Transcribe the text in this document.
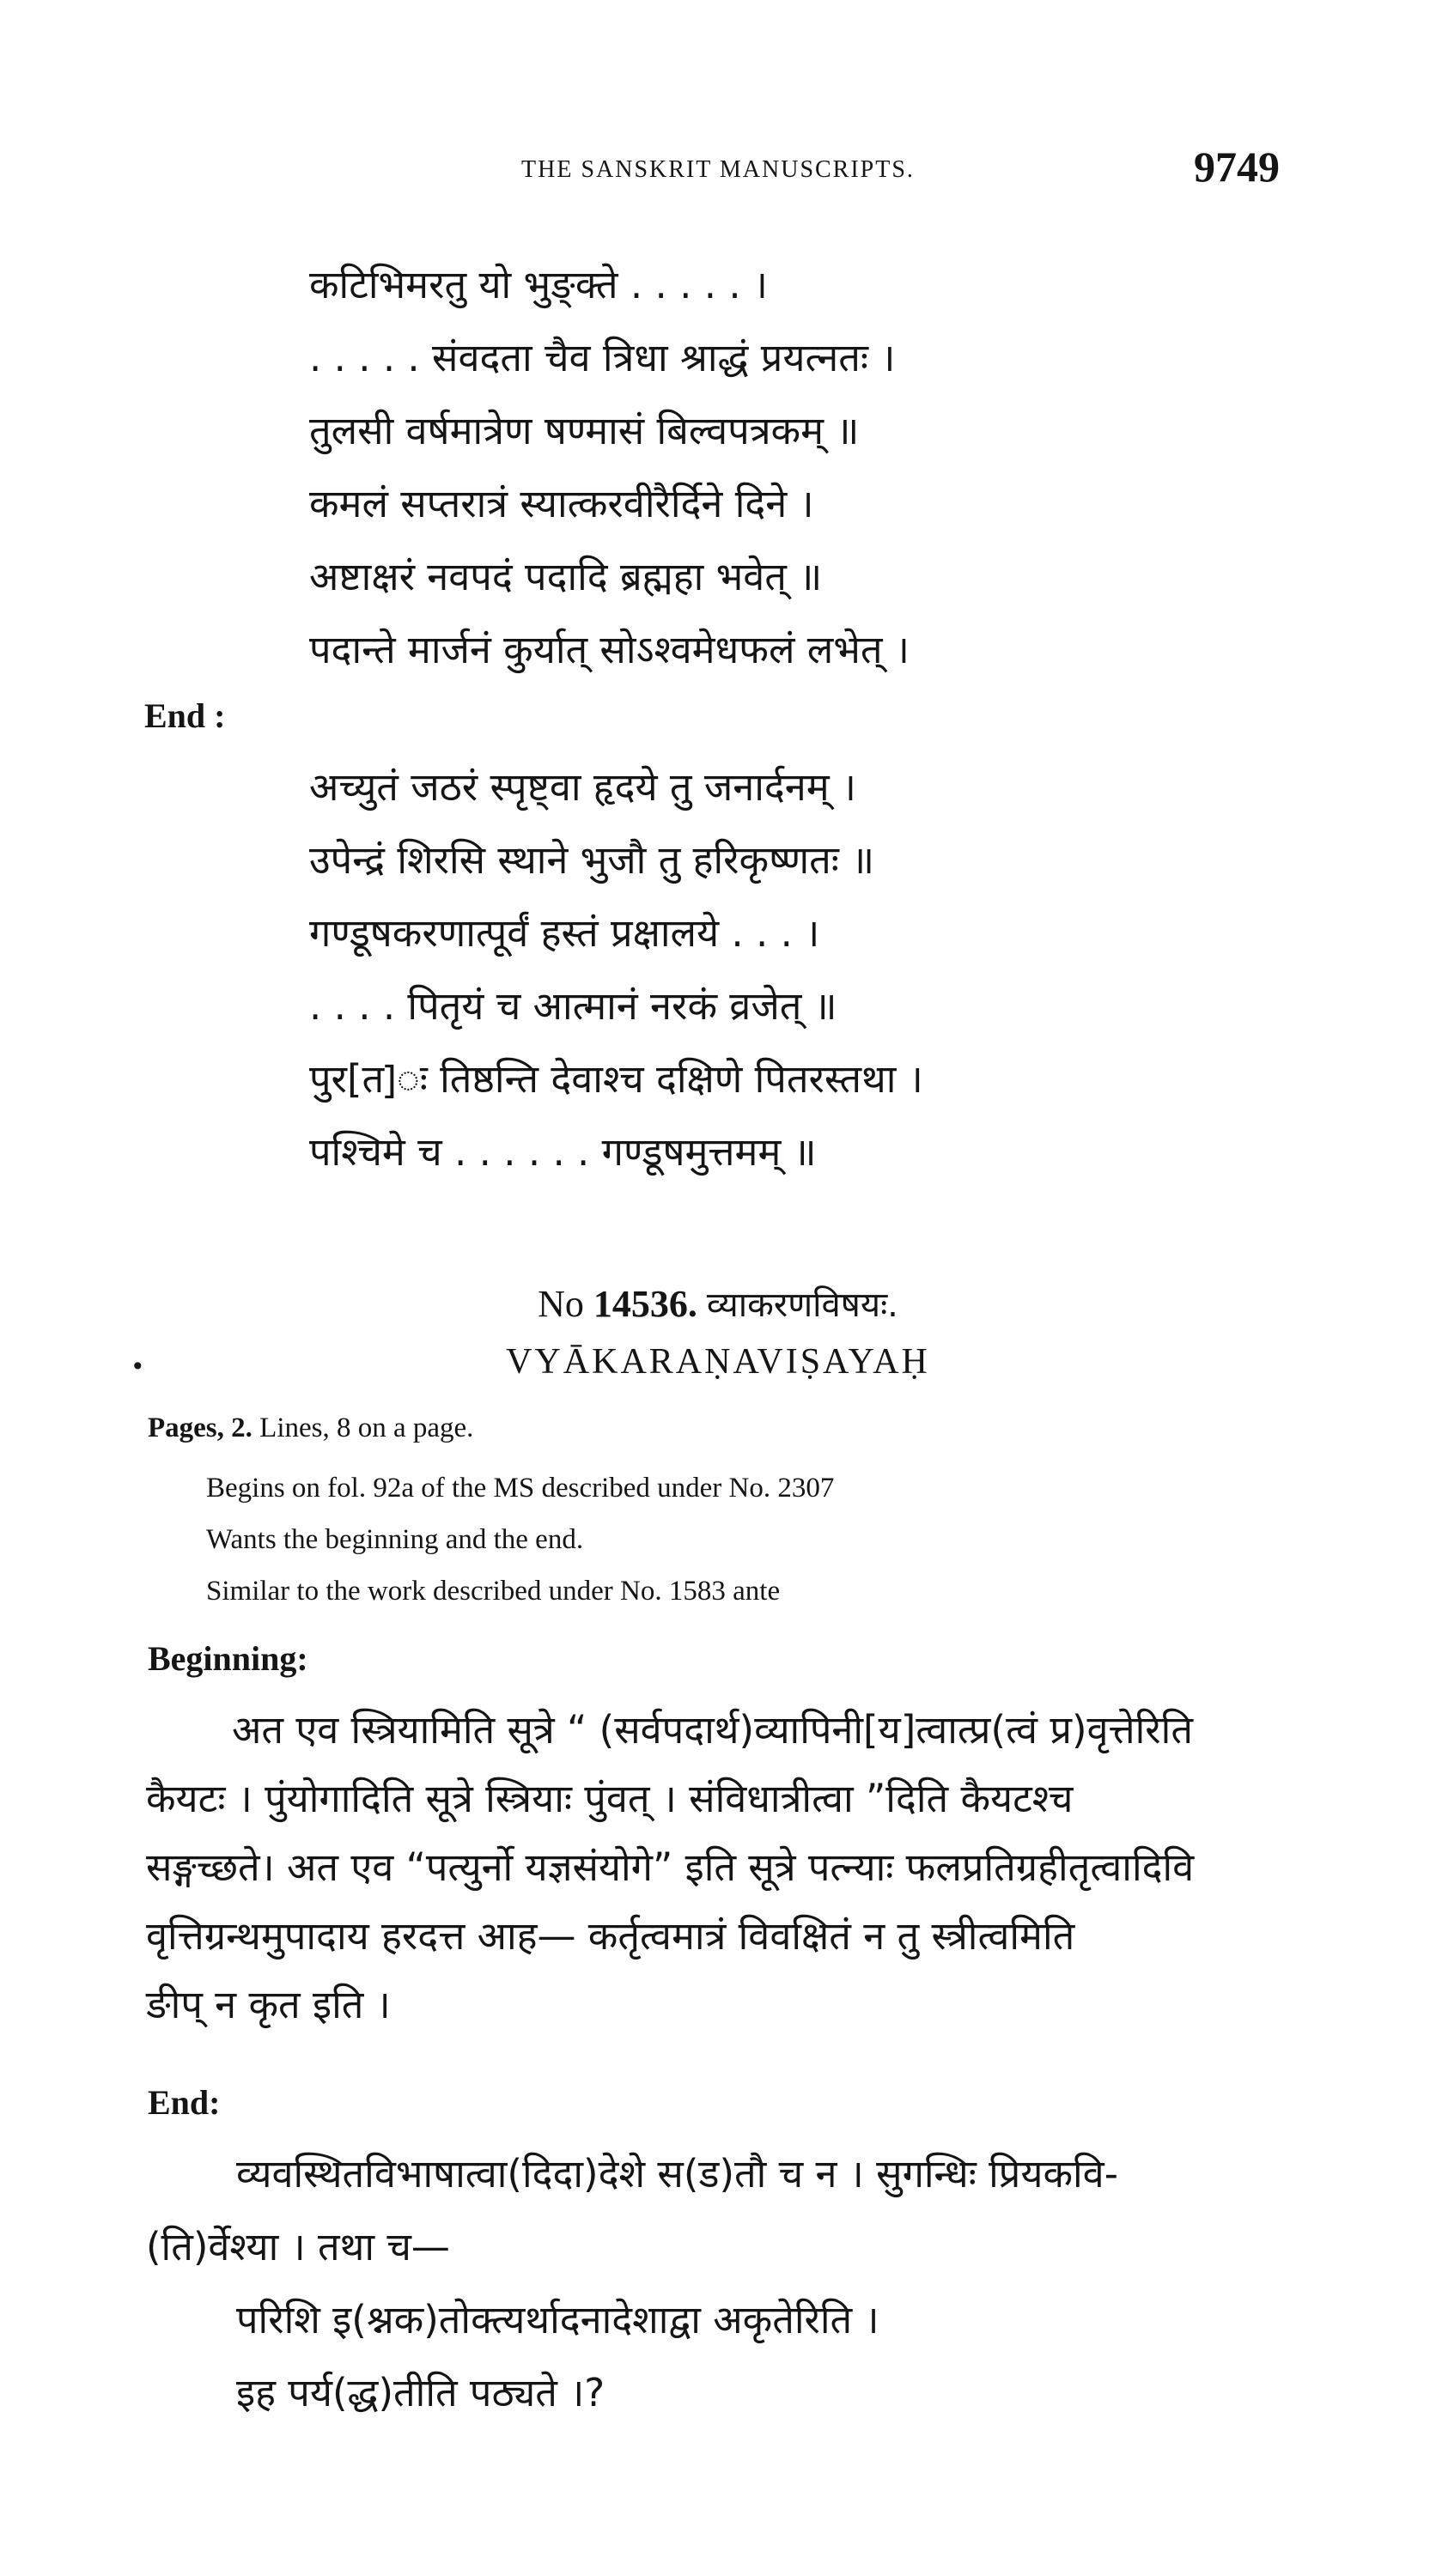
THE SANSKRIT MANUSCRIPTS.	9749
कटिभिमरतु यो भुङ्क्ते . . . . . ।
. . . . . संवदता चैव त्रिधा श्राद्धं प्रयत्नतः ।
तुलसी वर्षमात्रेण षण्मासं बिल्वपत्रकम् ॥
कमलं सप्तरात्रं स्यात्करवीरैर्दिने दिने ।
अष्टाक्षरं नवपदं पदादि ब्रह्महा भवेत् ॥
पदान्ते मार्जनं कुर्यात् सोऽश्वमेधफलं लभेत् ।
End :
अच्युतं जठरं स्पृष्ट्वा हृदये तु जनार्दनम् ।
उपेन्द्रं शिरसि स्थाने भुजौ तु हरिकृष्णतः ॥
गण्डूषकरणात्पूर्वं हस्तं प्रक्षालये . . . ।
. . . . पितृयं च आत्मानं नरकं व्रजेत् ॥
पुर[त]ः तिष्ठन्ति देवाश्च दक्षिणे पितरस्तथा ।
पश्चिमे च . . . . . . गण्डूषमुत्तमम् ॥
No 14536. व्याकरणविषयः.
VYĀKARAṆAVIṢAYAḤ
•
Pages, 2. Lines, 8 on a page.
Begins on fol. 92a of the MS described under No. 2307
Wants the beginning and the end.
Similar to the work described under No. 1583 ante
Beginning:
अत एव स्त्रियामिति सूत्रे “ (सर्वपदार्थ)व्यापिनी[य]त्वात्प्र(त्वं प्र)वृत्तेरिति
कैयटः । पुंयोगादिति सूत्रे स्त्रियाः पुंवत् । संविधात्रीत्वा ”दिति कैयटश्च
सङ्गच्छते। अत एव “पत्युर्नो यज्ञसंयोगे” इति सूत्रे पत्न्याः फलप्रतिग्रहीतृत्वादिवि
वृत्तिग्रन्थमुपादाय हरदत्त आह— कर्तृत्वमात्रं विवक्षितं न तु स्त्रीत्वमिति
ङीप् न कृत इति ।
End:
व्यवस्थितविभाषात्वा(दिदा)देशे स(ड)तौ च न । सुगन्धिः प्रियकवि-
(ति)र्वेश्या । तथा च—
परिशि इ(श्नक)तोक्त्यर्थादनादेशाद्वा अकृतेरिति ।
इह पर्य(द्ध)तीति पठ्यते ।?
